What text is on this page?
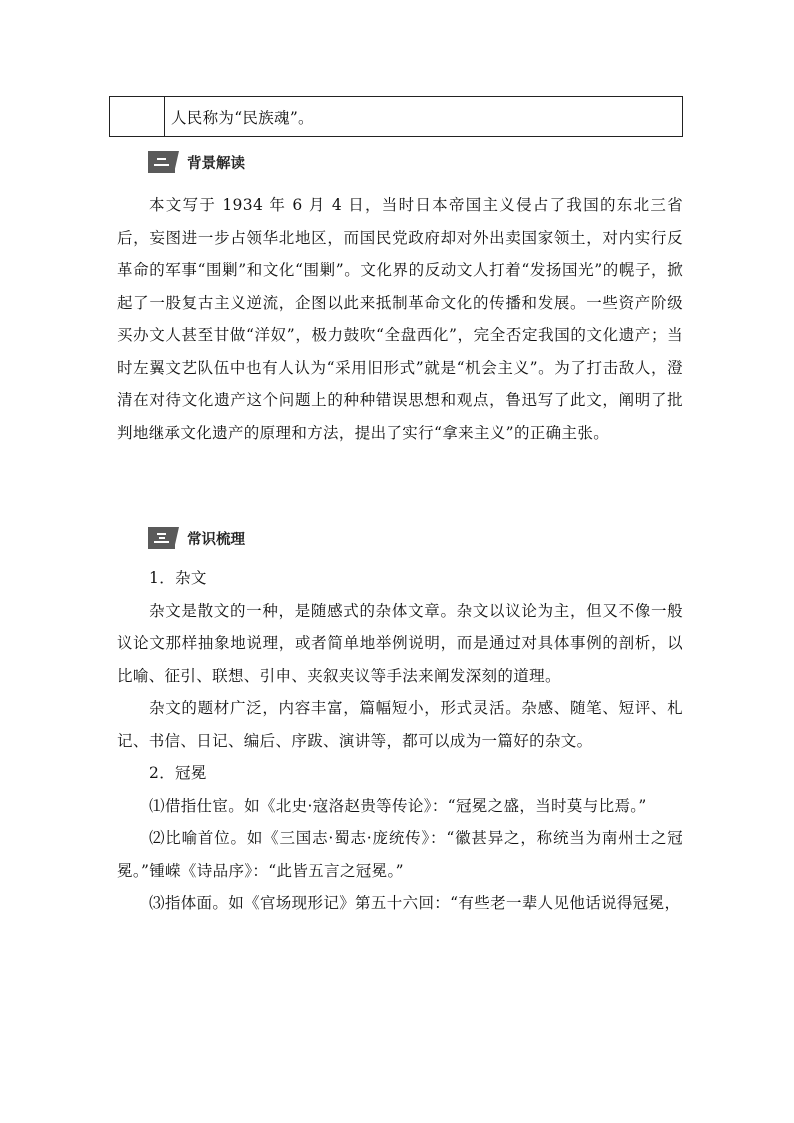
人民称为“民族魂”。
背景解读

本文写于 1934 年 6 月 4 日，当时日本帝国主义侵占了我国的东北三省后，妄图进一步占领华北地区，而国民党政府却对外出卖国家领土，对内实行反革命的军事“围剿”和文化“围剿”。文化界的反动文人打着“发扬国光”的幌子，掀起了一股复古主义逆流，企图以此来抵制革命文化的传播和发展。一些资产阶级买办文人甚至甘做“洋奴”，极力鼓吹“全盘西化”，完全否定我国的文化遗产；当时左翼文艺队伍中也有人认为“采用旧形式”就是“机会主义”。为了打击敌人，澄清在对待文化遗产这个问题上的种种错误思想和观点，鲁迅写了此文，阐明了批判地继承文化遗产的原理和方法，提出了实行“拿来主义”的正确主张。

常识梳理

1．杂文

杂文是散文的一种，是随感式的杂体文章。杂文以议论为主，但又不像一般议论文那样抽象地说理，或者简单地举例说明，而是通过对具体事例的剖析，以比喻、征引、联想、引申、夹叙夹议等手法来阐发深刻的道理。

杂文的题材广泛，内容丰富，篇幅短小，形式灵活。杂感、随笔、短评、札记、书信、日记、编后、序跋、演讲等，都可以成为一篇好的杂文。

2．冠冕

⑴借指仕宦。如《北史·寇洛赵贵等传论》：“冠冕之盛，当时莫与比焉。”

⑵比喻首位。如《三国志·蜀志·庞统传》：“徽甚异之，称统当为南州士之冠冕。”锺嵘《诗品序》：“此皆五言之冠冕。”

⑶指体面。如《官场现形记》第五十六回：“有些老一辈人见他话说得冠冕，
